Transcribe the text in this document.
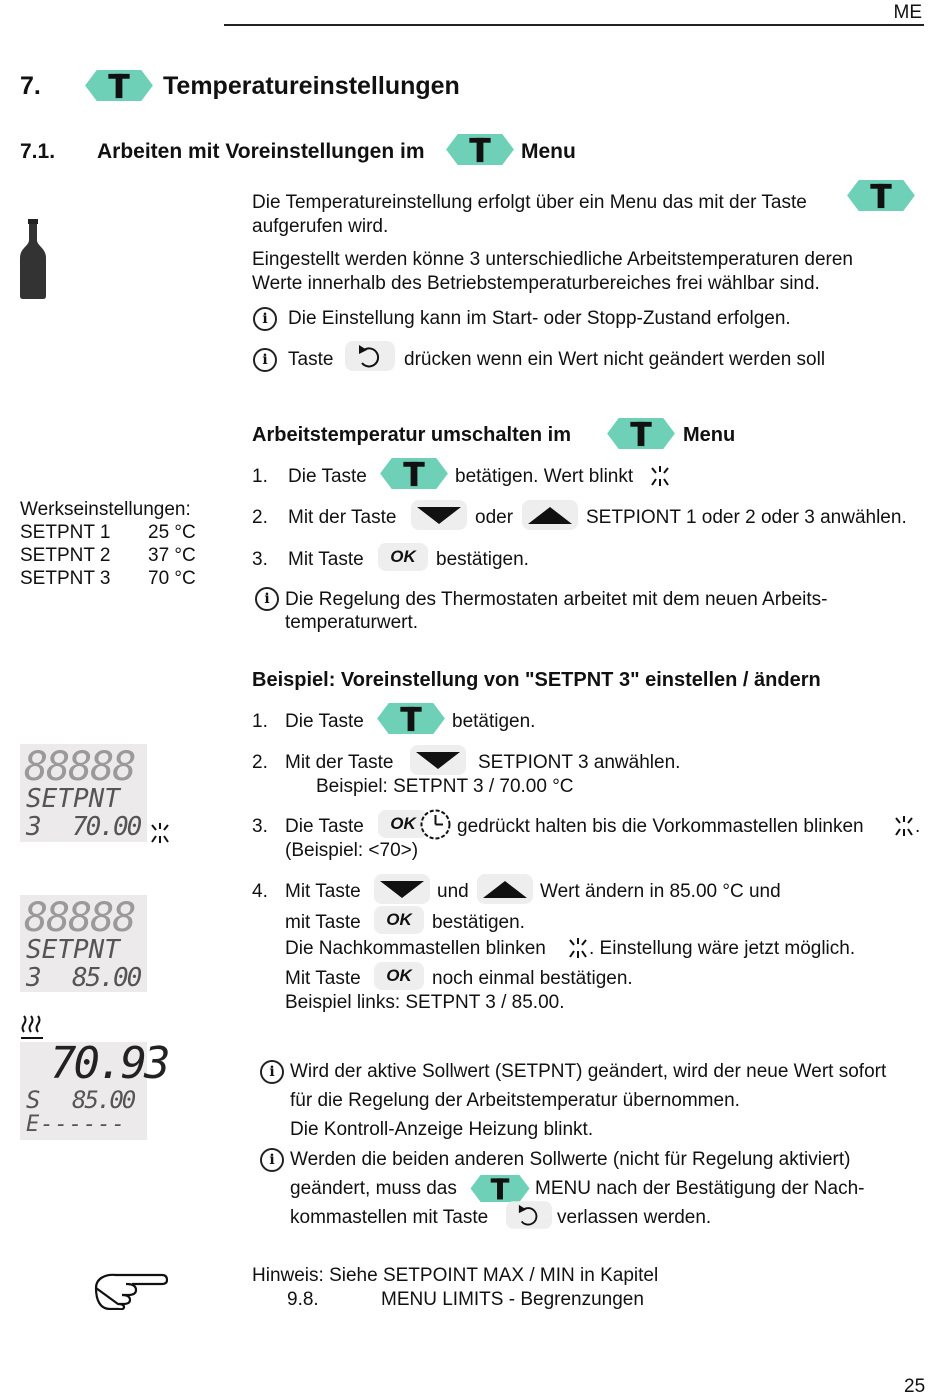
ME
7.	Temperatureinstellungen
7.1. Arbeiten mit Voreinstellungen im	Menu
Die Temperatureinstellung erfolgt über ein Menu das mit der Taste
aufgerufen wird.
Eingestellt werden könne 3 unterschiedliche Arbeitstemperaturen deren
Werte innerhalb des Betriebstemperaturbereiches frei wählbar sind.
i	Die Einstellung kann im Start- oder Stopp-Zustand erfolgen.
i	Taste	drücken wenn ein Wert nicht geändert werden soll
Werkseinstellungen:
SETPNT 1 25 °C
SETPNT 2 37 °C
SETPNT 3 70 °C
Arbeitstemperatur umschalten im	Menu
1. Die Taste	betätigen. Wert blinkt
2. Mit der Taste	oder	SETPIONT 1 oder 2 oder 3 anwählen.
3. Mit Taste	OK	bestätigen.
i Die Regelung des Thermostaten arbeitet mit dem neuen Arbeits-
temperaturwert.
Beispiel: Voreinstellung von "SETPNT 3" einstellen / ändern
1. Die Taste	betätigen.
2. Mit der Taste	SETPIONT 3 anwählen.
Beispiel: SETPNT 3 / 70.00 °C
3. Die Taste	OK	gedrückt halten bis die Vorkommastellen blinken	.
(Beispiel: <70>)
4. Mit Taste	und	Wert ändern in 85.00 °C und
mit Taste	OK	bestätigen.
Die Nachkommastellen blinken . Einstellung wäre jetzt möglich.
Mit Taste	OK	noch einmal bestätigen.
Beispiel links: SETPNT 3 / 85.00.
88888
SETPNT
3 70.00
88888
SETPNT
3 85.00
70.93
S 85.00
E------
i Wird der aktive Sollwert (SETPNT) geändert, wird der neue Wert sofort
für die Regelung der Arbeitstemperatur übernommen.
Die Kontroll-Anzeige Heizung blinkt.
i Werden die beiden anderen Sollwerte (nicht für Regelung aktiviert)
geändert, muss das	MENU nach der Bestätigung der Nach-
kommastellen mit Taste	verlassen werden.
Hinweis: Siehe SETPOINT MAX / MIN in Kapitel
9.8.	MENU LIMITS - Begrenzungen
25
